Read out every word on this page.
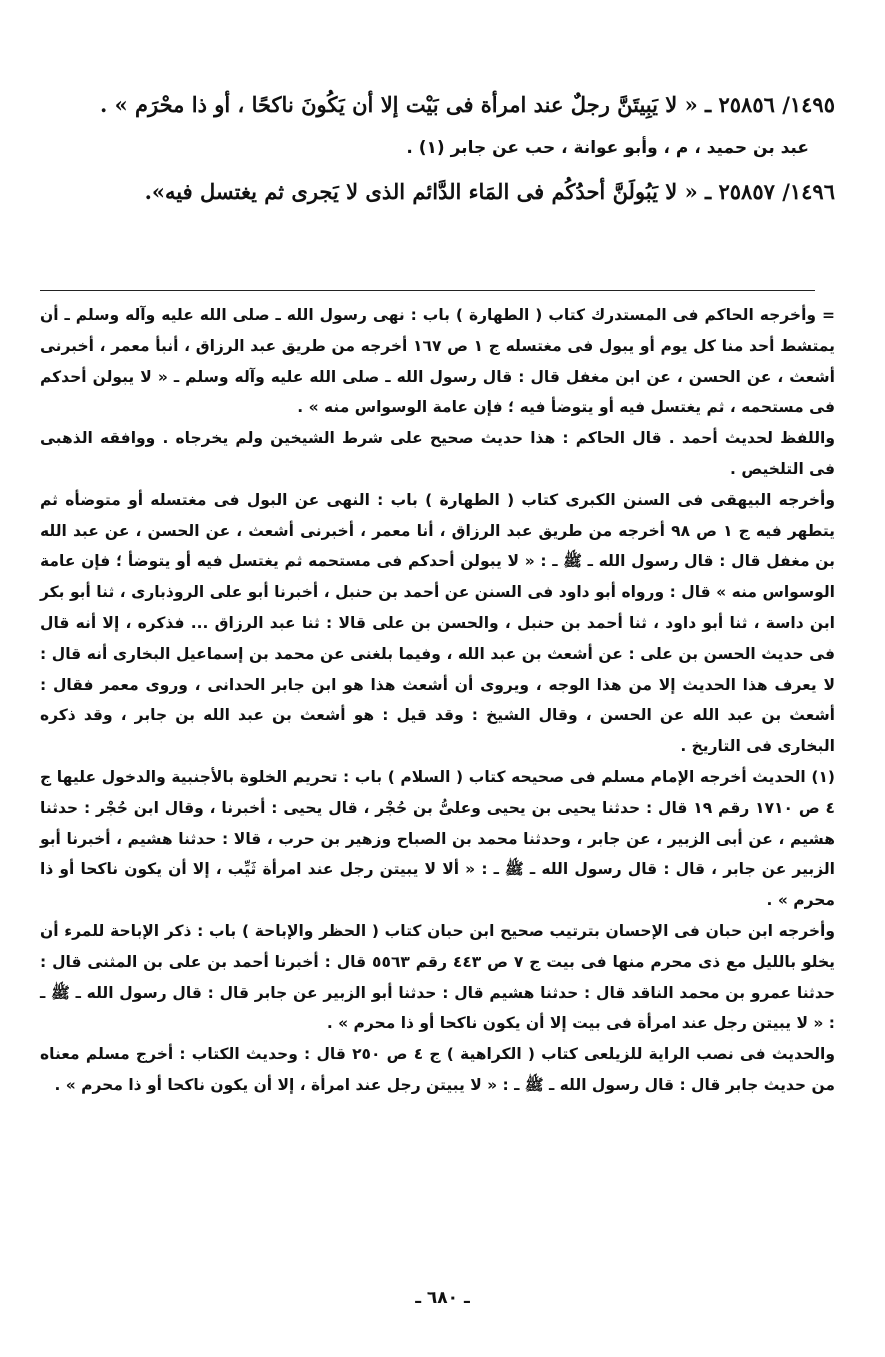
١٤٩٥/ ٢٥٨٥٦ ـ « لا يَبِيتَنَّ رجلٌ عند امرأة فى بَيْت إلا أن يَكُونَ ناكحًا ، أو ذا محْرَم » .

عبد بن حميد ، م ، وأبو عوانة ، حب عن جابر (١) .

١٤٩٦/ ٢٥٨٥٧ ـ « لا يَبُولَنَّ أحدُكُم فى المَاء الدَّائم الذى لا يَجرى ثم يغتسل فيه».

= وأخرجه الحاكم فى المستدرك كتاب ( الطهارة ) باب : نهى رسول الله ـ صلى الله عليه وآله وسلم ـ أن يمتشط أحد منا كل يوم أو يبول فى مغتسله ج ١ ص ١٦٧ أخرجه من طريق عبد الرزاق ، أنبأ معمر ، أخبرنى أشعث ، عن الحسن ، عن ابن مغفل قال : قال رسول الله ـ صلى الله عليه وآله وسلم ـ « لا يبولن أحدكم فى مستحمه ، ثم يغتسل فيه أو يتوضأ فيه ؛ فإن عامة الوسواس منه » .

واللفظ لحديث أحمد . قال الحاكم : هذا حديث صحيح على شرط الشيخين ولم يخرجاه . ووافقه الذهبى فى التلخيص .

وأخرجه البيهقى فى السنن الكبرى كتاب ( الطهارة ) باب : النهى عن البول فى مغتسله أو متوضأه ثم يتطهر فيه ج ١ ص ٩٨ أخرجه من طريق عبد الرزاق ، أنا معمر ، أخبرنى أشعث ، عن الحسن ، عن عبد الله بن مغفل قال : قال رسول الله ـ ﷺ ـ : « لا يبولن أحدكم فى مستحمه ثم يغتسل فيه أو يتوضأ ؛ فإن عامة الوسواس منه » قال : ورواه أبو داود فى السنن عن أحمد بن حنبل ، أخبرنا أبو على الروذبارى ، ثنا أبو بكر ابن داسة ، ثنا أبو داود ، ثنا أحمد بن حنبل ، والحسن بن على قالا : ثنا عبد الرزاق ... فذكره ، إلا أنه قال فى حديث الحسن بن على : عن أشعث بن عبد الله ، وفيما بلغنى عن محمد بن إسماعيل البخارى أنه قال : لا يعرف هذا الحديث إلا من هذا الوجه ، ويروى أن أشعث هذا هو ابن جابر الحدانى ، وروى معمر فقال : أشعث بن عبد الله عن الحسن ، وقال الشيخ : وقد قيل : هو أشعث بن عبد الله بن جابر ، وقد ذكره البخارى فى التاريخ .

(١) الحديث أخرجه الإمام مسلم فى صحيحه كتاب ( السلام ) باب : تحريم الخلوة بالأجنبية والدخول عليها ج ٤ ص ١٧١٠ رقم ١٩ قال : حدثنا يحيى بن يحيى وعلىُّ بن حُجْر ، قال يحيى : أخبرنا ، وقال ابن حُجْر : حدثنا هشيم ، عن أبى الزبير ، عن جابر ، وحدثنا محمد بن الصباح وزهير بن حرب ، قالا : حدثنا هشيم ، أخبرنا أبو الزبير عن جابر ، قال : قال رسول الله ـ ﷺ ـ : « ألا لا يبيتن رجل عند امرأة ثَيِّب ، إلا أن يكون ناكحا أو ذا محرم » .

وأخرجه ابن حبان فى الإحسان بترتيب صحيح ابن حبان كتاب ( الحظر والإباحة ) باب : ذكر الإباحة للمرء أن يخلو بالليل مع ذى محرم منها فى بيت ج ٧ ص ٤٤٣ رقم ٥٥٦٣ قال : أخبرنا أحمد بن على بن المثنى قال : حدثنا عمرو بن محمد الناقد قال : حدثنا هشيم قال : حدثنا أبو الزبير عن جابر قال : قال رسول الله ـ ﷺ ـ : « لا يبيتن رجل عند امرأة فى بيت إلا أن يكون ناكحا أو ذا محرم » .

والحديث فى نصب الراية للزيلعى كتاب ( الكراهية ) ج ٤ ص ٢٥٠ قال : وحديث الكتاب : أخرج مسلم معناه من حديث جابر قال : قال رسول الله ـ ﷺ ـ : « لا يبيتن رجل عند امرأة ، إلا أن يكون ناكحا أو ذا محرم » .

ـ ٦٨٠ ـ
